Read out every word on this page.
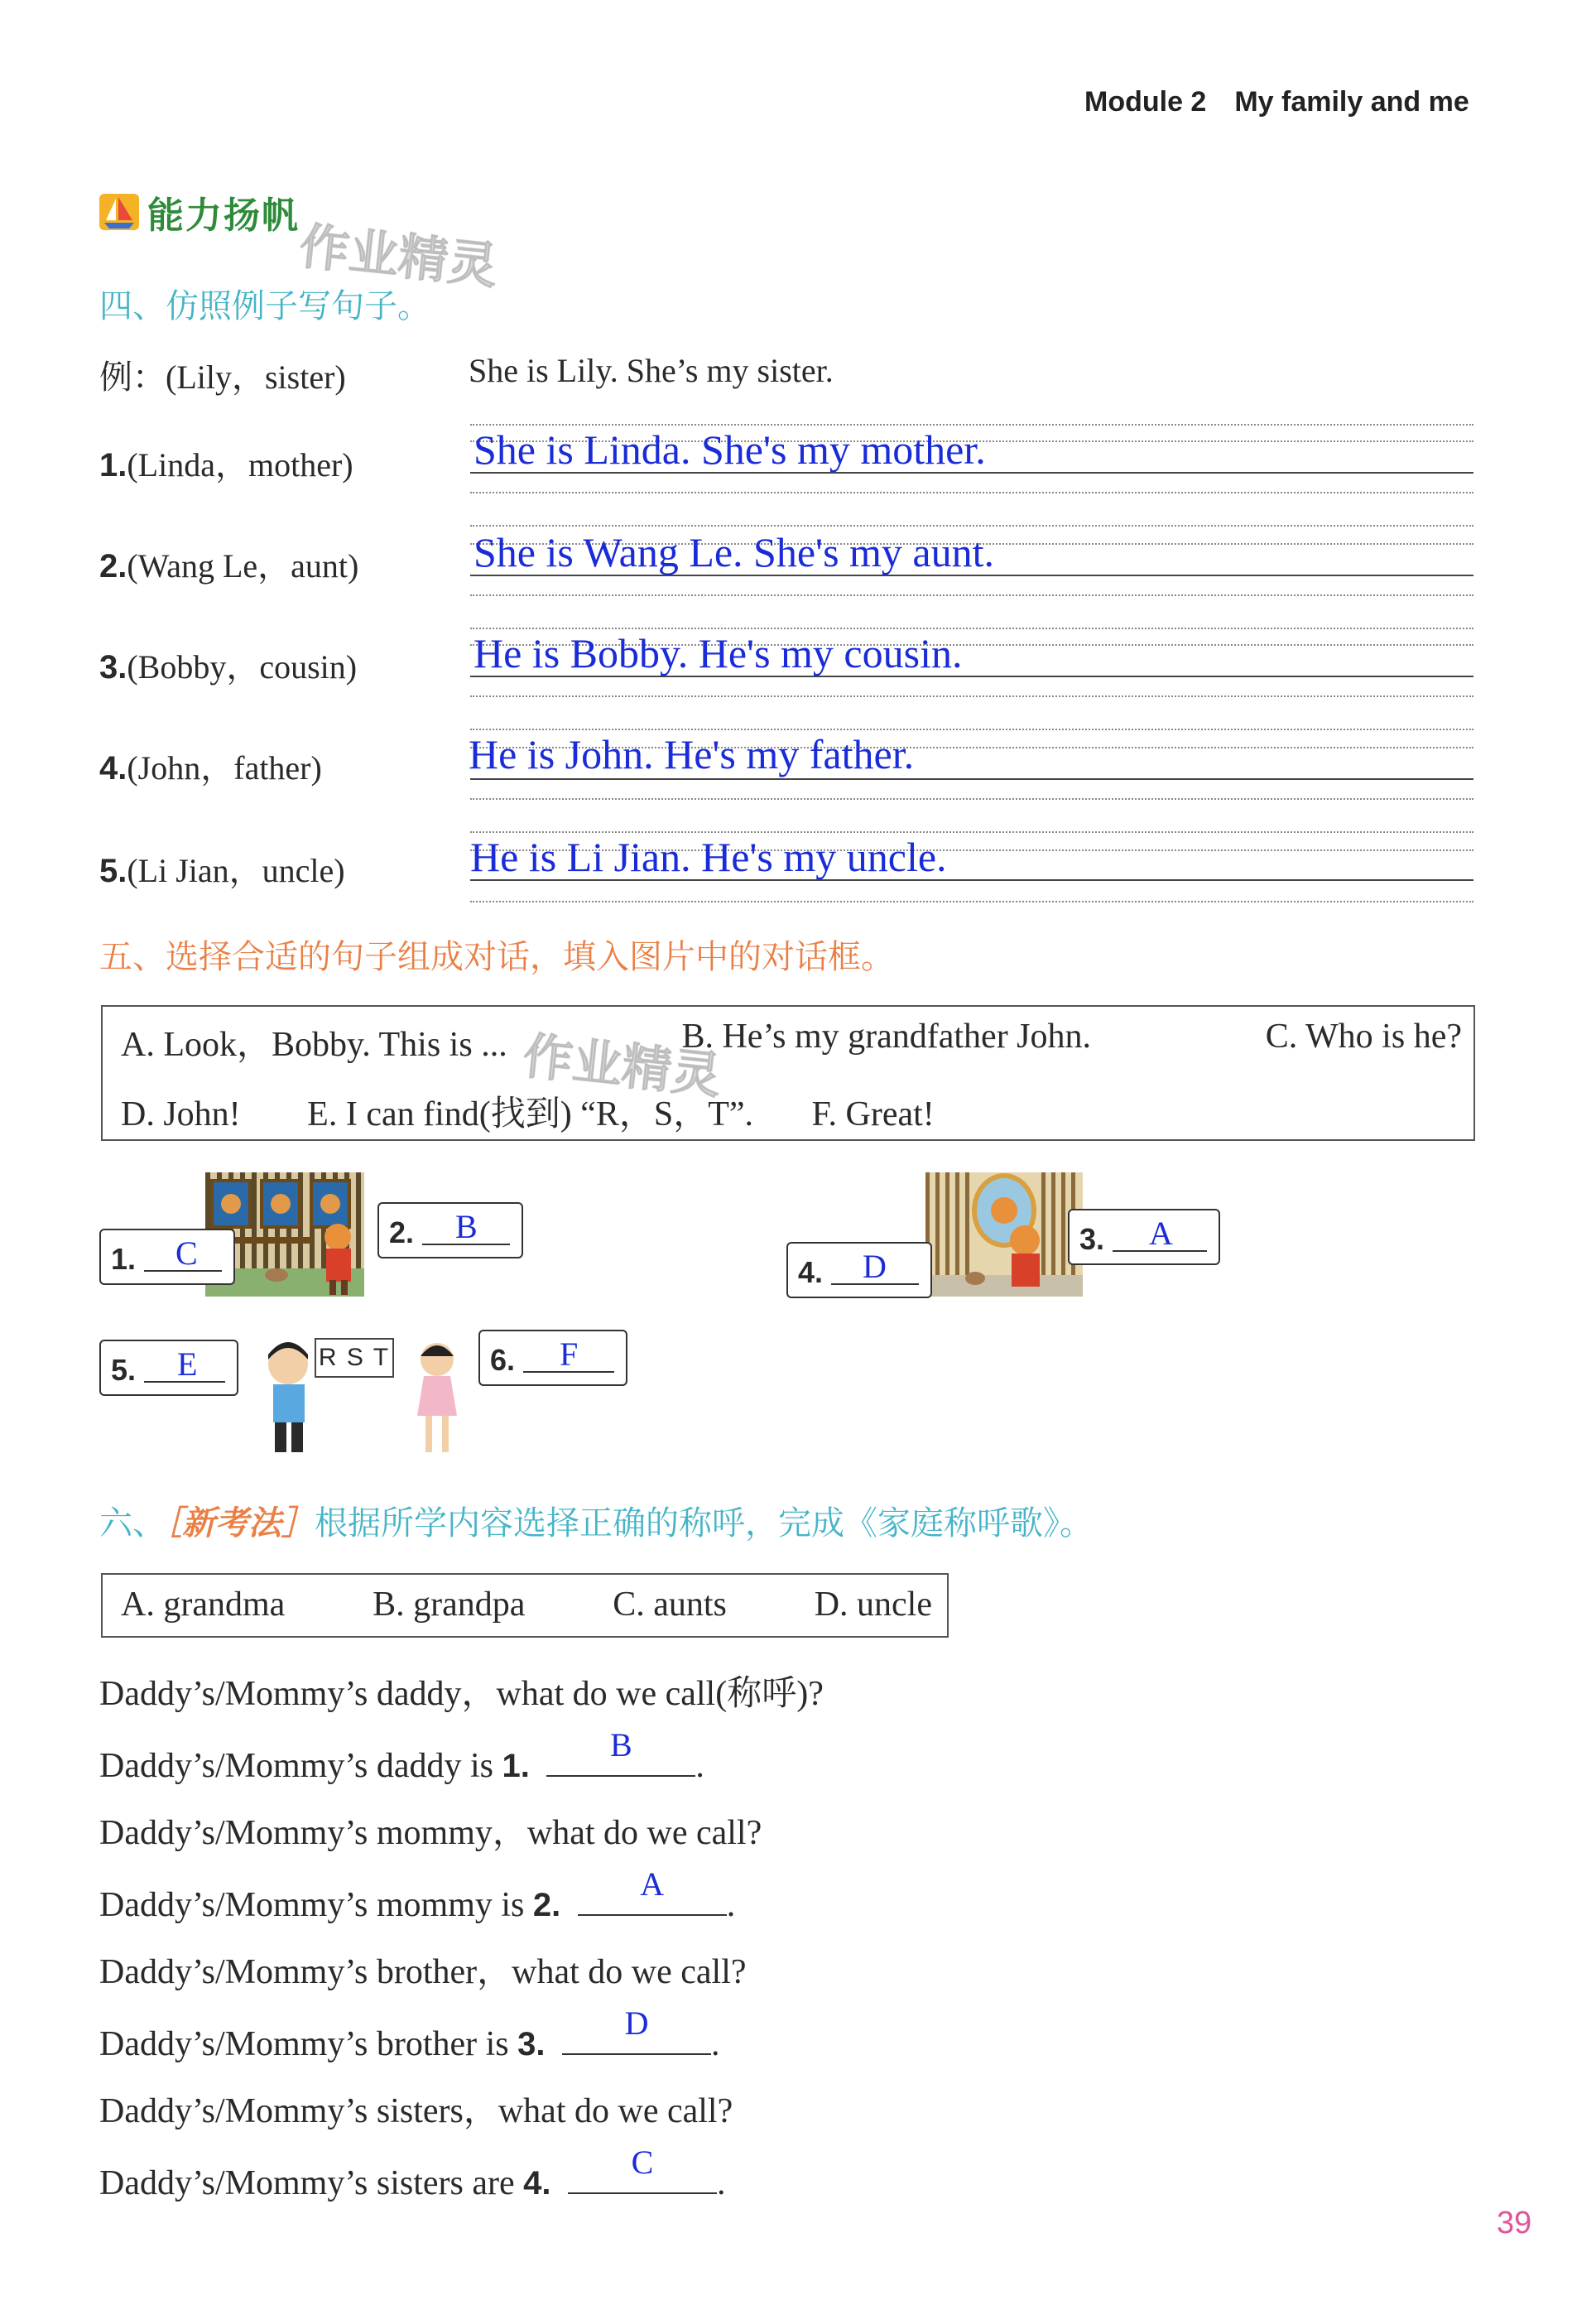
Module 2 My family and me
能力扬帆
作业精灵
四、仿照例子写句子。
例：(Lily，sister)	She is Lily. She’s my sister.
1.(Linda，mother)	She is Linda. She's my mother.
2.(Wang Le，aunt)	She is Wang Le. She's my aunt.
3.(Bobby，cousin)	He is Bobby. He's my cousin.
4.(John，father)	He is John. He's my father.
5.(Li Jian，uncle)	He is Li Jian. He's my uncle.
五、选择合适的句子组成对话，填入图片中的对话框。
A. Look，Bobby. This is ...	B. He’s my grandfather John.	C. Who is he?
D. John! E. I can find(找到) “R，S，T”. F. Great!
作业精灵
1. C
2. B
4. D
3. A
R S T
5. E	6. F
六、［新考法］根据所学内容选择正确的称呼，完成《家庭称呼歌》。
A. grandma	B. grandpa	C. aunts	D. uncle
Daddy’s/Mommy’s daddy，what do we call(称呼)?
Daddy’s/Mommy’s daddy is 1.
B
.
Daddy’s/Mommy’s mommy，what do we call?
Daddy’s/Mommy’s mommy is 2.
A
.
Daddy’s/Mommy’s brother，what do we call?
Daddy’s/Mommy’s brother is 3.
D
.
Daddy’s/Mommy’s sisters，what do we call?
Daddy’s/Mommy’s sisters are 4.
C
.
39
